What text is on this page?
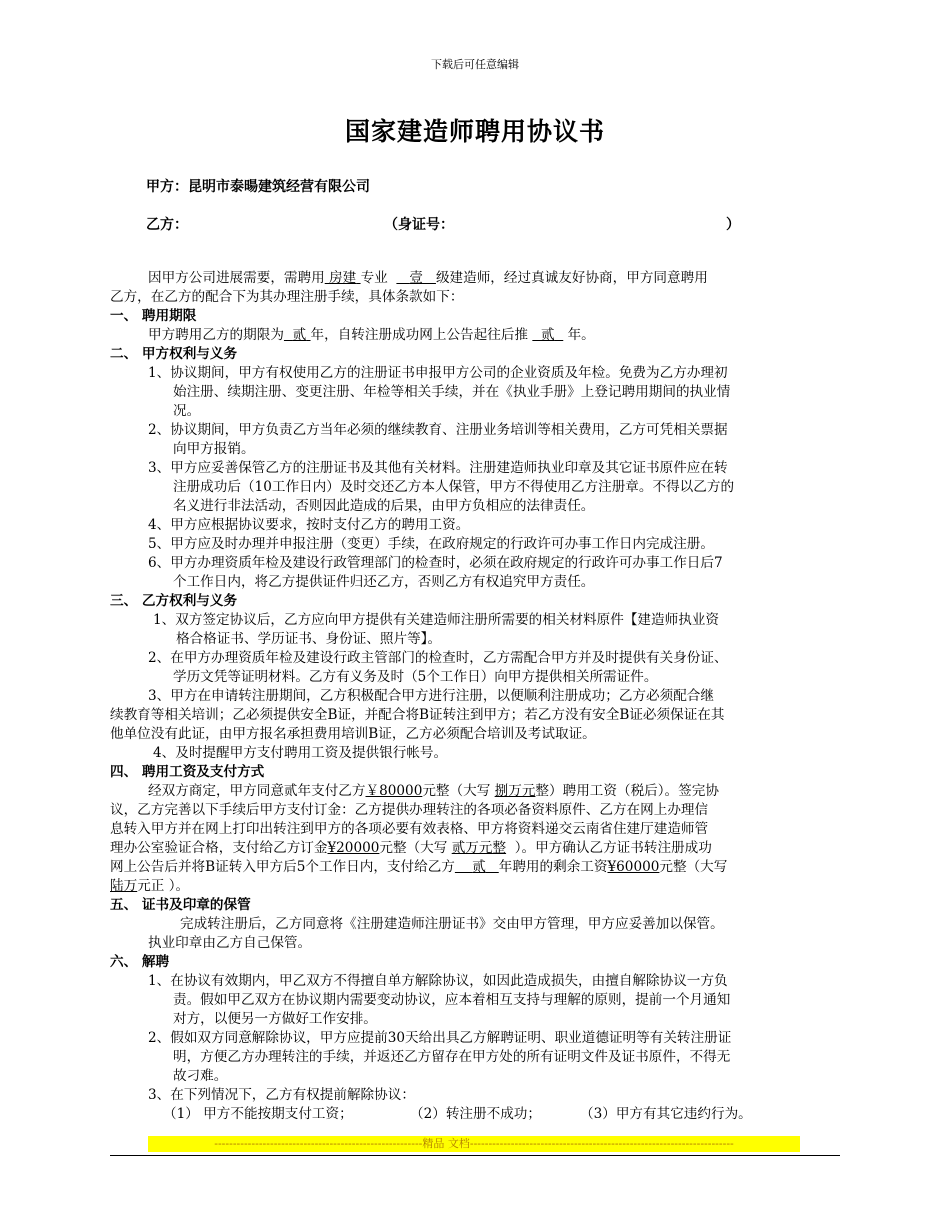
下载后可任意编辑
国家建造师聘用协议书
甲方：昆明市泰暘建筑经营有限公司
乙方：	（身证号：	）
因甲方公司进展需要，需聘用 房建 专业 壹 级建造师，经过真诚友好协商，甲方同意聘用
乙方，在乙方的配合下为其办理注册手续，具体条款如下：
一、 聘用期限
甲方聘用乙方的期限为 贰 年，自转注册成功网上公告起往后推 贰 年。
二、 甲方权利与义务
1、协议期间，甲方有权使用乙方的注册证书申报甲方公司的企业资质及年检。免费为乙方办理初
始注册、续期注册、变更注册、年检等相关手续，并在《执业手册》上登记聘用期间的执业情
况。
2、协议期间，甲方负责乙方当年必须的继续教育、注册业务培训等相关费用，乙方可凭相关票据
向甲方报销。
3、甲方应妥善保管乙方的注册证书及其他有关材料。注册建造师执业印章及其它证书原件应在转
注册成功后（10工作日内）及时交还乙方本人保管，甲方不得使用乙方注册章。不得以乙方的
名义进行非法活动，否则因此造成的后果，由甲方负相应的法律责任。
4、甲方应根据协议要求，按时支付乙方的聘用工资。
5、甲方应及时办理并申报注册（变更）手续，在政府规定的行政许可办事工作日内完成注册。
6、甲方办理资质年检及建设行政管理部门的检查时，必须在政府规定的行政许可办事工作日后7
个工作日内，将乙方提供证件归还乙方，否则乙方有权追究甲方责任。
三、 乙方权利与义务
1、双方签定协议后，乙方应向甲方提供有关建造师注册所需要的相关材料原件【建造师执业资
格合格证书、学历证书、身份证、照片等】。
2、在甲方办理资质年检及建设行政主管部门的检查时，乙方需配合甲方并及时提供有关身份证、
学历文凭等证明材料。乙方有义务及时（5个工作日）向甲方提供相关所需证件。
3、甲方在申请转注册期间，乙方积极配合甲方进行注册，以便顺利注册成功；乙方必须配合继
续教育等相关培训；乙必须提供安全B证，并配合将B证转注到甲方；若乙方没有安全B证必须保证在其
他单位没有此证，由甲方报名承担费用培训B证，乙方必须配合培训及考试取证。
4、及时提醒甲方支付聘用工资及提供银行帐号。
四、 聘用工资及支付方式
经双方商定，甲方同意贰年支付乙方￥80000元整（大写 捌万元整）聘用工资（税后）。签完协
议，乙方完善以下手续后甲方支付订金：乙方提供办理转注的各项必备资料原件、乙方在网上办理信
息转入甲方并在网上打印出转注到甲方的各项必要有效表格、甲方将资料递交云南省住建厅建造师管
理办公室验证合格，支付给乙方订金¥20000元整（大写 贰万元整 ）。甲方确认乙方证书转注册成功
网上公告后并将B证转入甲方后5个工作日内，支付给乙方 贰 年聘用的剩余工资¥60000元整（大写
陆万元正 ）。
五、 证书及印章的保管
完成转注册后，乙方同意将《注册建造师注册证书》交由甲方管理，甲方应妥善加以保管。
执业印章由乙方自己保管。
六、 解聘
1、在协议有效期内，甲乙双方不得擅自单方解除协议，如因此造成损失，由擅自解除协议一方负
责。假如甲乙双方在协议期内需要变动协议，应本着相互支持与理解的原则，提前一个月通知
对方，以便另一方做好工作安排。
2、假如双方同意解除协议，甲方应提前30天给出具乙方解聘证明、职业道德证明等有关转注册证
明，方便乙方办理转注的手续，并返还乙方留存在甲方处的所有证明文件及证书原件，不得无
故刁难。
3、在下列情况下，乙方有权提前解除协议：
（1） 甲方不能按期支付工资；	（2）转注册不成功；	（3）甲方有其它违约行为。
--------------------------------------------------------精品 文档-----------------------------------------------------------------------
